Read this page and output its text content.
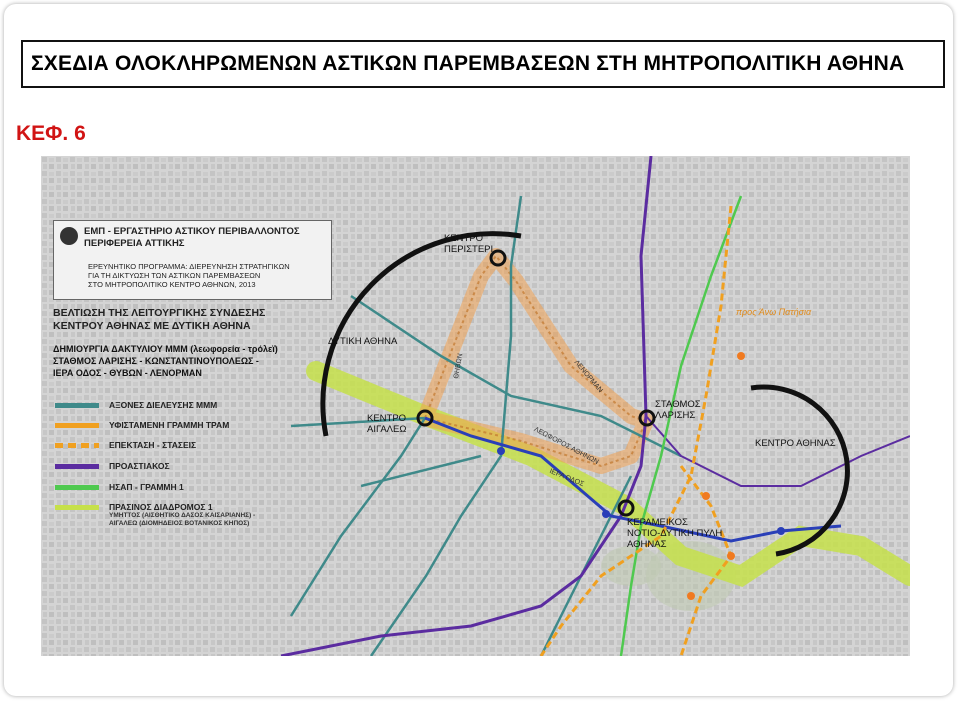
ΣΧΕΔΙΑ ΟΛΟΚΛΗΡΩΜΕΝΩΝ ΑΣΤΙΚΩΝ ΠΑΡΕΜΒΑΣΕΩΝ ΣΤΗ ΜΗΤΡΟΠΟΛΙΤΙΚΗ ΑΘΗΝΑ
ΚΕΦ. 6
ΕΜΠ - ΕΡΓΑΣΤΗΡΙΟ ΑΣΤΙΚΟΥ ΠΕΡΙΒΑΛΛΟΝΤΟΣ
ΠΕΡΙΦΕΡΕΙΑ ΑΤΤΙΚΗΣ
ΕΡΕΥΝΗΤΙΚΟ ΠΡΟΓΡΑΜΜΑ: ΔΙΕΡΕΥΝΗΣΗ ΣΤΡΑΤΗΓΙΚΩΝ
ΓΙΑ ΤΗ ΔΙΚΤΥΩΣΗ ΤΩΝ ΑΣΤΙΚΩΝ ΠΑΡΕΜΒΑΣΕΩΝ
ΣΤΟ ΜΗΤΡΟΠΟΛΙΤΙΚΟ ΚΕΝΤΡΟ ΑΘΗΝΩΝ, 2013
ΒΕΛΤΙΩΣΗ ΤΗΣ ΛΕΙΤΟΥΡΓΙΚΗΣ ΣΥΝΔΕΣΗΣ
ΚΕΝΤΡΟΥ ΑΘΗΝΑΣ ΜΕ ΔΥΤΙΚΗ ΑΘΗΝΑ
ΔΗΜΙΟΥΡΓΙΑ ΔΑΚΤΥΛΙΟΥ ΜΜΜ (λεωφορεία - τρόλεϊ)
ΣΤΑΘΜΟΣ ΛΑΡΙΣΗΣ - ΚΩΝΣΤΑΝΤΙΝΟΥΠΟΛΕΩΣ -
ΙΕΡΑ ΟΔΟΣ - ΘΥΒΩΝ - ΛΕΝΟΡΜΑΝ
ΑΞΟΝΕΣ ΔΙΕΛΕΥΣΗΣ ΜΜΜ
ΥΦΙΣΤΑΜΕΝΗ ΓΡΑΜΜΗ ΤΡΑΜ
ΕΠΕΚΤΑΣΗ - ΣΤΑΣΕΙΣ
ΠΡΟΑΣΤΙΑΚΟΣ
ΗΣΑΠ - ΓΡΑΜΜΗ 1
ΠΡΑΣΙΝΟΣ ΔΙΑΔΡΟΜΟΣ 1
ΥΜΗΤΤΟΣ (ΑΙΣΘΗΤΙΚΟ ΔΑΣΟΣ ΚΑΙΣΑΡΙΑΝΗΣ) -
ΑΙΓΑΛΕΩ (ΔΙΟΜΗΔΕΙΟΣ ΒΟΤΑΝΙΚΟΣ ΚΗΠΟΣ)
ΔΥΤΙΚΗ ΑΘΗΝΑ
ΚΕΝΤΡΟ
ΠΕΡΙΣΤΕΡΙ
ΚΕΝΤΡΟ
ΑΙΓΑΛΕΩ
ΣΤΑΘΜΟΣ
ΛΑΡΙΣΗΣ
ΚΕΝΤΡΟ ΑΘΗΝΑΣ
ΚΕΡΑΜΕΙΚΟΣ
ΝΟΤΙΟ-ΔΥΤΙΚΗ ΠΥΛΗ
ΑΘΗΝΑΣ
προς Άνω Πατήσια
ΛΕΩΦΟΡΟΣ ΑΘΗΝΩΝ
ΛΕΝΟΡΜΑΝ
ΙΕΡΑ ΟΔΟΣ
ΘΗΒΩΝ
